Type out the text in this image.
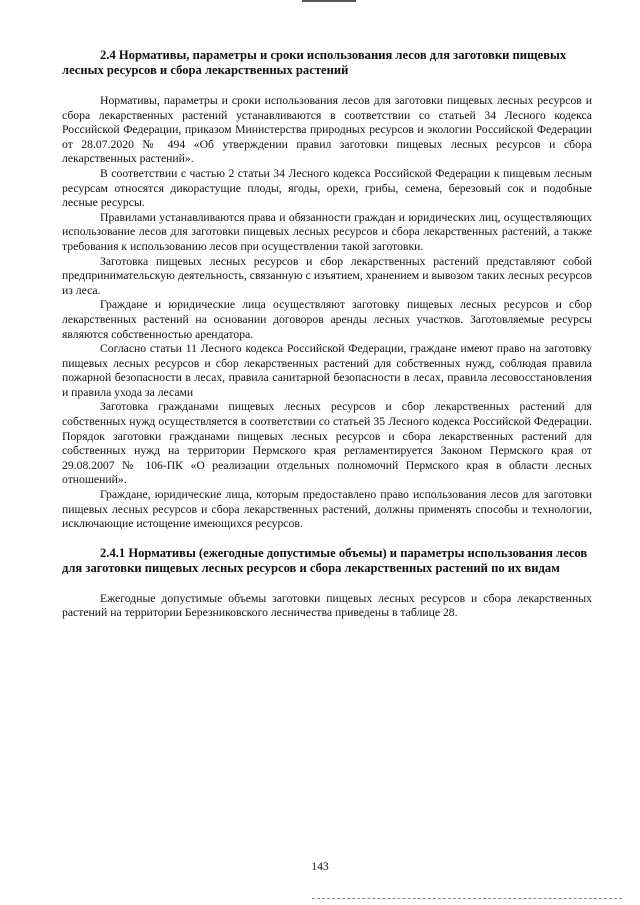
2.4 Нормативы, параметры и сроки использования лесов для заготовки пищевых лесных ресурсов и сбора лекарственных растений

Нормативы, параметры и сроки использования лесов для заготовки пищевых лесных ресурсов и сбора лекарственных растений устанавливаются в соответствии со статьей 34 Лесного кодекса Российской Федерации, приказом Министерства природных ресурсов и экологии Российской Федерации от 28.07.2020 № 494 «Об утверждении правил заготовки пищевых лесных ресурсов и сбора лекарственных растений».

В соответствии с частью 2 статьи 34 Лесного кодекса Российской Федерации к пищевым лесным ресурсам относятся дикорастущие плоды, ягоды, орехи, грибы, семена, березовый сок и подобные лесные ресурсы.

Правилами устанавливаются права и обязанности граждан и юридических лиц, осуществляющих использование лесов для заготовки пищевых лесных ресурсов и сбора лекарственных растений, а также требования к использованию лесов при осуществлении такой заготовки.

Заготовка пищевых лесных ресурсов и сбор лекарственных растений представляют собой предпринимательскую деятельность, связанную с изъятием, хранением и вывозом таких лесных ресурсов из леса.

Граждане и юридические лица осуществляют заготовку пищевых лесных ресурсов и сбор лекарственных растений на основании договоров аренды лесных участков. Заготовляемые ресурсы являются собственностью арендатора.

Согласно статьи 11 Лесного кодекса Российской Федерации, граждане имеют право на заготовку пищевых лесных ресурсов и сбор лекарственных растений для собственных нужд, соблюдая правила пожарной безопасности в лесах, правила санитарной безопасности в лесах, правила лесовосстановления и правила ухода за лесами

Заготовка гражданами пищевых лесных ресурсов и сбор лекарственных растений для собственных нужд осуществляется в соответствии со статьей 35 Лесного кодекса Российской Федерации. Порядок заготовки гражданами пищевых лесных ресурсов и сбора лекарственных растений для собственных нужд на территории Пермского края регламентируется Законом Пермского края от 29.08.2007 № 106-ПК «О реализации отдельных полномочий Пермского края в области лесных отношений».

Граждане, юридические лица, которым предоставлено право использования лесов для заготовки пищевых лесных ресурсов и сбора лекарственных растений, должны применять способы и технологии, исключающие истощение имеющихся ресурсов.

2.4.1 Нормативы (ежегодные допустимые объемы) и параметры использования лесов для заготовки пищевых лесных ресурсов и сбора лекарственных растений по их видам

Ежегодные допустимые объемы заготовки пищевых лесных ресурсов и сбора лекарственных растений на территории Березниковского лесничества приведены в таблице 28.

143
